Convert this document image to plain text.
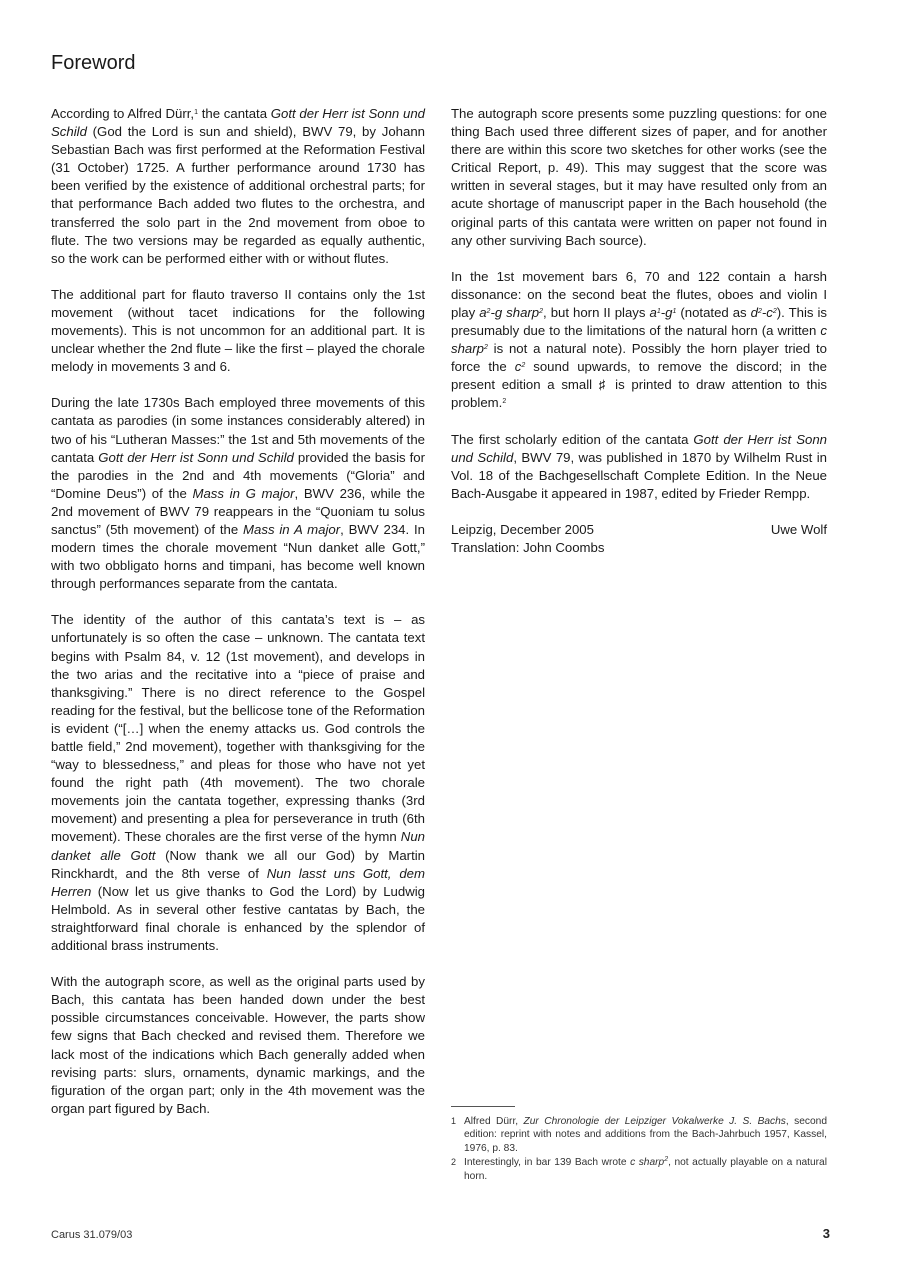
Foreword

According to Alfred Dürr,$^1$ the cantata Gott der Herr ist Sonn und Schild (God the Lord is sun and shield), BWV 79, by Johann Sebastian Bach was first performed at the Reformation Festival (31 October) 1725. A further performance around 1730 has been verified by the existence of additional orchestral parts; for that performance Bach added two flutes to the orchestra, and transferred the solo part in the 2nd movement from oboe to flute. The two versions may be regarded as equally authentic, so the work can be performed either with or without flutes.

The additional part for flauto traverso II contains only the 1st movement (without tacet indications for the following movements). This is not uncommon for an additional part. It is unclear whether the 2nd flute – like the first – played the chorale melody in movements 3 and 6.

During the late 1730s Bach employed three movements of this cantata as parodies (in some instances considerably altered) in two of his “Lutheran Masses:” the 1st and 5th movements of the cantata Gott der Herr ist Sonn und Schild provided the basis for the parodies in the 2nd and 4th movements (“Gloria” and “Domine Deus”) of the Mass in G major, BWV 236, while the 2nd movement of BWV 79 reappears in the “Quoniam tu solus sanctus” (5th movement) of the Mass in A major, BWV 234. In modern times the chorale movement “Nun danket alle Gott,” with two obbligato horns and timpani, has become well known through performances separate from the cantata.

The identity of the author of this cantata’s text is – as unfortunately is so often the case – unknown. The cantata text begins with Psalm 84, v. 12 (1st movement), and develops in the two arias and the recitative into a “piece of praise and thanksgiving.” There is no direct reference to the Gospel reading for the festival, but the bellicose tone of the Reformation is evident (“[…] when the enemy attacks us. God controls the battle field,” 2nd movement), together with thanksgiving for the “way to blessedness,” and pleas for those who have not yet found the right path (4th movement). The two chorale movements join the cantata together, expressing thanks (3rd movement) and presenting a plea for perseverance in truth (6th movement). These chorales are the first verse of the hymn Nun danket alle Gott (Now thank we all our God) by Martin Rinckhardt, and the 8th verse of Nun lasst uns Gott, dem Herren (Now let us give thanks to God the Lord) by Ludwig Helmbold. As in several other festive cantatas by Bach, the straightforward final chorale is enhanced by the splendor of additional brass instruments.

With the autograph score, as well as the original parts used by Bach, this cantata has been handed down under the best possible circumstances conceivable. However, the parts show few signs that Bach checked and revised them. Therefore we lack most of the indications which Bach generally added when revising parts: slurs, ornaments, dynamic markings, and the figuration of the organ part; only in the 4th movement was the organ part figured by Bach.

The autograph score presents some puzzling questions: for one thing Bach used three different sizes of paper, and for another there are within this score two sketches for other works (see the Critical Report, p. 49). This may suggest that the score was written in several stages, but it may have resulted only from an acute shortage of manuscript paper in the Bach household (the original parts of this cantata were written on paper not found in any other surviving Bach source).

In the 1st movement bars 6, 70 and 122 contain a harsh dissonance: on the second beat the flutes, oboes and violin I play $a^2-g$ sharp$^2$, but horn II plays $a^1-g^1$ (notated as $d^2-c^2$). This is presumably due to the limitations of the natural horn (a written c sharp$^2$ is not a natural note). Possibly the horn player tried to force the $c^2$ sound upwards, to remove the discord; in the present edition a small ♯ is printed to draw attention to this problem.$^2$

The first scholarly edition of the cantata Gott der Herr ist Sonn und Schild, BWV 79, was published in 1870 by Wilhelm Rust in Vol. 18 of the Bachgesellschaft Complete Edition. In the Neue Bach-Ausgabe it appeared in 1987, edited by Frieder Rempp.

Leipzig, December 2005	Uwe Wolf
Translation: John Coombs
1 Alfred Dürr, Zur Chronologie der Leipziger Vokalwerke J. S. Bachs, second edition: reprint with notes and additions from the Bach-Jahrbuch 1957, Kassel, 1976, p. 83.
2 Interestingly, in bar 139 Bach wrote c sharp$^2$, not actually playable on a natural horn.
Carus 31.079/03	3
